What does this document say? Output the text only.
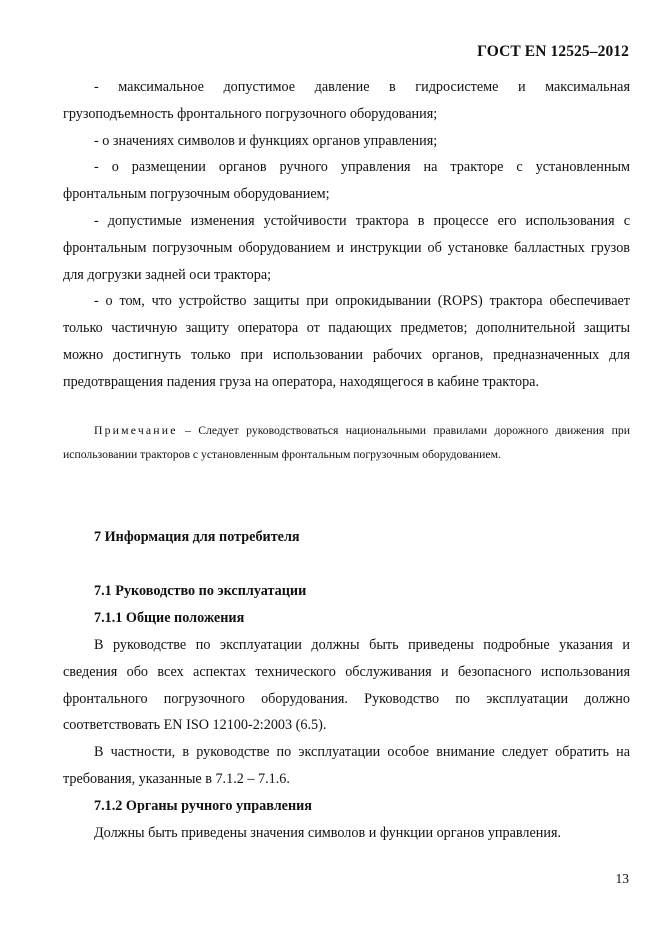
ГОСТ EN 12525–2012

- максимальное допустимое давление в гидросистеме и максимальная грузоподъемность фронтального погрузочного оборудования;

- о значениях символов и функциях органов управления;

- о размещении органов ручного управления на тракторе с установленным фронтальным погрузочным оборудованием;

- допустимые изменения устойчивости трактора в процессе его использования с фронтальным погрузочным оборудованием и инструкции об установке балластных грузов для догрузки задней оси трактора;

- о том, что устройство защиты при опрокидывании (ROPS) трактора обеспечивает только частичную защиту оператора от падающих предметов; дополнительной защиты можно достигнуть только при использовании рабочих органов, предназначенных для предотвращения падения груза на оператора, находящегося в кабине трактора.

Примечание – Следует руководствоваться национальными правилами дорожного движения при использовании тракторов с установленным фронтальным погрузочным оборудованием.

7 Информация для потребителя
7.1 Руководство по эксплуатации
7.1.1 Общие положения

В руководстве по эксплуатации должны быть приведены подробные указания и сведения обо всех аспектах технического обслуживания и безопасного использования фронтального погрузочного оборудования. Руководство по эксплуатации должно соответствовать EN ISO 12100-2:2003 (6.5).

В частности, в руководстве по эксплуатации особое внимание следует обратить на требования, указанные в 7.1.2 – 7.1.6.

7.1.2 Органы ручного управления

Должны быть приведены значения символов и функции органов управления.

13
